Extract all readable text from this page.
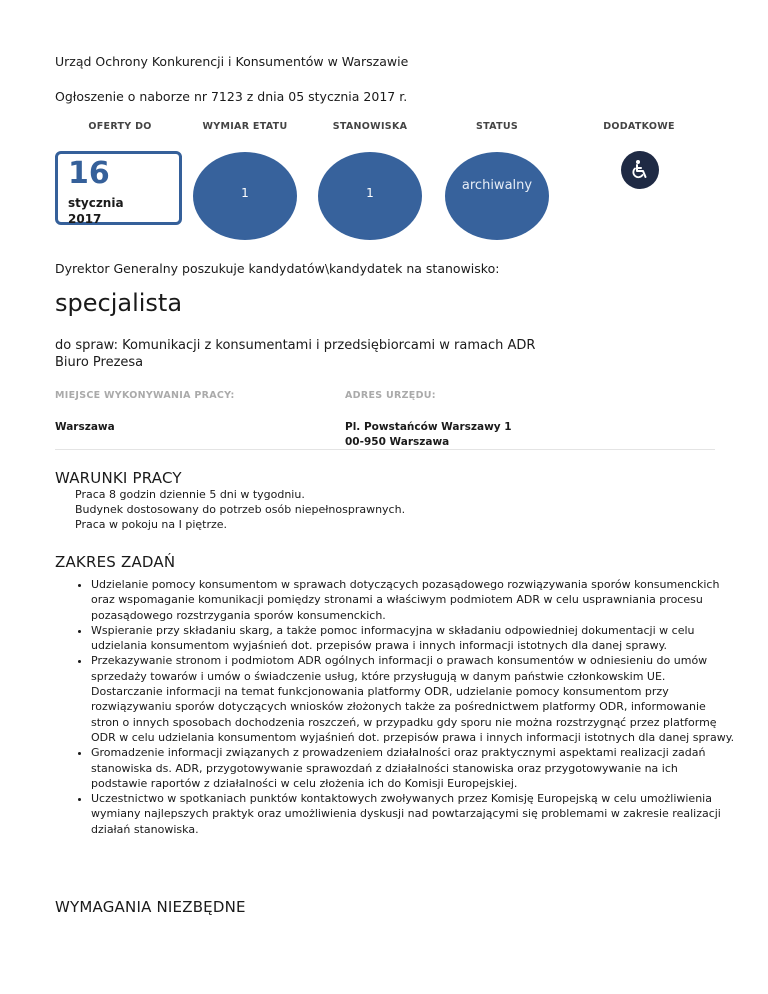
Urząd Ochrony Konkurencji i Konsumentów w Warszawie
Ogłoszenie o naborze nr 7123 z dnia 05 stycznia 2017 r.
OFERTY DO	WYMIAR ETATU	STANOWISKA	STATUS	DODATKOWE
16
stycznia
2017
1	1	archiwalny
Dyrektor Generalny poszukuje kandydatów\kandydatek na stanowisko:
specjalista
do spraw: Komunikacji z konsumentami i przedsiębiorcami w ramach ADR
Biuro Prezesa
MIEJSCE WYKONYWANIA PRACY:	ADRES URZĘDU:
Warszawa	Pl. Powstańców Warszawy 1
00-950 Warszawa
WARUNKI PRACY
Praca 8 godzin dziennie 5 dni w tygodniu.
Budynek dostosowany do potrzeb osób niepełnosprawnych.
Praca w pokoju na I piętrze.
ZAKRES ZADAŃ
• Udzielanie pomocy konsumentom w sprawach dotyczących pozasądowego rozwiązywania sporów konsumenckich oraz wspomaganie komunikacji pomiędzy stronami a właściwym podmiotem ADR w celu usprawniania procesu pozasądowego rozstrzygania sporów konsumenckich.
• Wspieranie przy składaniu skarg, a także pomoc informacyjna w składaniu odpowiedniej dokumentacji w celu udzielania konsumentom wyjaśnień dot. przepisów prawa i innych informacji istotnych dla danej sprawy.
• Przekazywanie stronom i podmiotom ADR ogólnych informacji o prawach konsumentów w odniesieniu do umów sprzedaży towarów i umów o świadczenie usług, które przysługują w danym państwie członkowskim UE. Dostarczanie informacji na temat funkcjonowania platformy ODR, udzielanie pomocy konsumentom przy rozwiązywaniu sporów dotyczących wniosków złożonych także za pośrednictwem platformy ODR, informowanie stron o innych sposobach dochodzenia roszczeń, w przypadku gdy sporu nie można rozstrzygnąć przez platformę ODR w celu udzielania konsumentom wyjaśnień dot. przepisów prawa i innych informacji istotnych dla danej sprawy.
• Gromadzenie informacji związanych z prowadzeniem działalności oraz praktycznymi aspektami realizacji zadań stanowiska ds. ADR, przygotowywanie sprawozdań z działalności stanowiska oraz przygotowywanie na ich podstawie raportów z działalności w celu złożenia ich do Komisji Europejskiej.
• Uczestnictwo w spotkaniach punktów kontaktowych zwoływanych przez Komisję Europejską w celu umożliwienia wymiany najlepszych praktyk oraz umożliwienia dyskusji nad powtarzającymi się problemami w zakresie realizacji działań stanowiska.
WYMAGANIA NIEZBĘDNE
